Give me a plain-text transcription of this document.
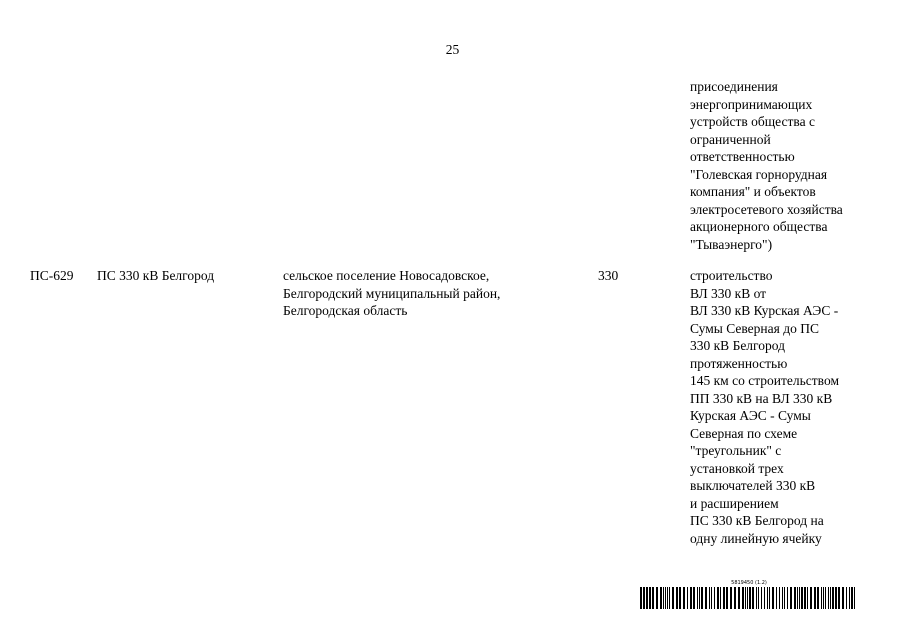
25
присоединения
энергопринимающих
устройств общества с
ограниченной
ответственностью
"Голевская горнорудная
компания" и объектов
электросетевого хозяйства
акционерного общества
"Тываэнерго")
ПС-629 ПС 330 кВ Белгород	сельское поселение Новосадовское,
Белгородский муниципальный район,
Белгородская область
330	строительство
ВЛ 330 кВ от
ВЛ 330 кВ Курская АЭС -
Сумы Северная до ПС
330 кВ Белгород
протяженностью
145 км со строительством
ПП 330 кВ на ВЛ 330 кВ
Курская АЭС - Сумы
Северная по схеме
"треугольник" с
установкой трех
выключателей 330 кВ
и расширением
ПС 330 кВ Белгород на
одну линейную ячейку
5819450 (1.2)
